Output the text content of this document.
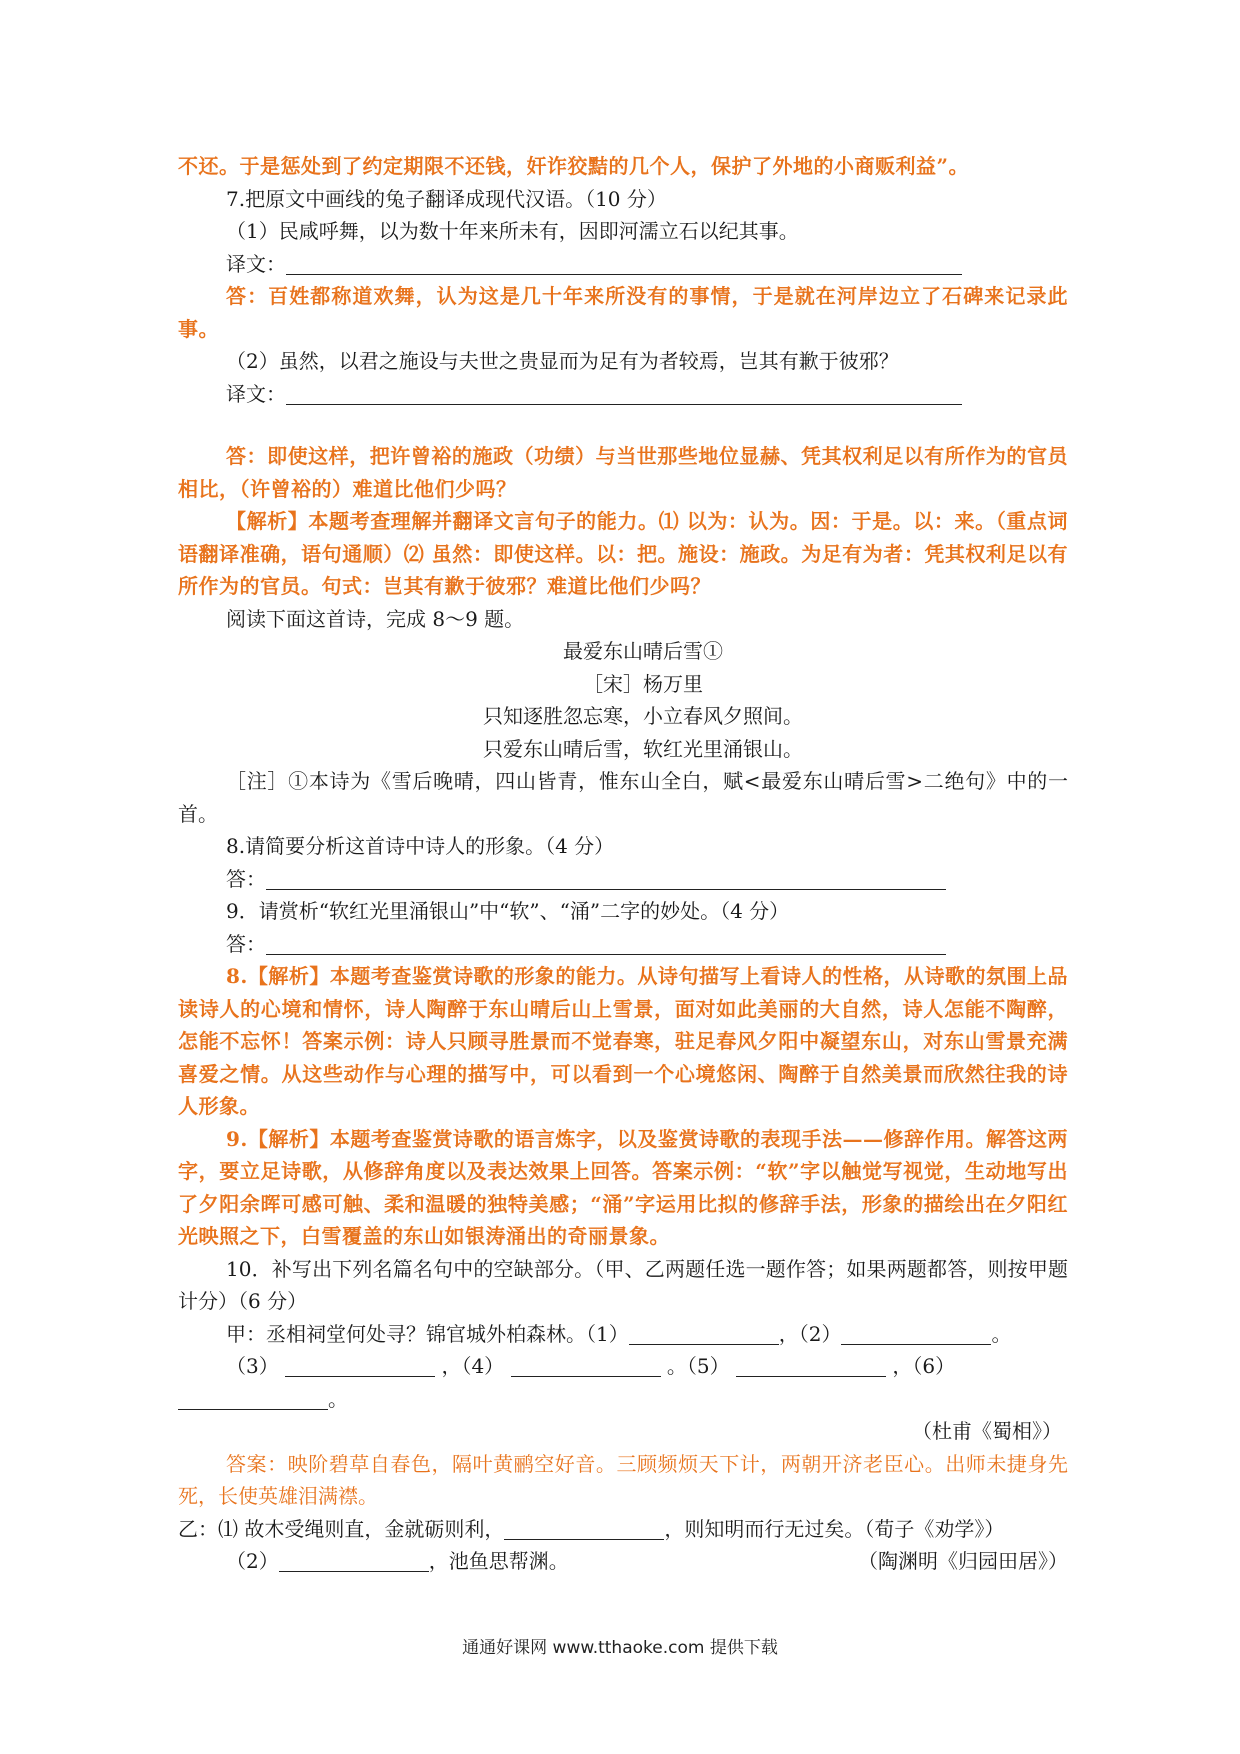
不还。于是惩处到了约定期限不还钱，奸诈狡黠的几个人，保护了外地的小商贩利益”。

7.把原文中画线的兔子翻译成现代汉语。（10 分）

（1）民咸呼舞，以为数十年来所未有，因即河濡立石以纪其事。

译文：

答：百姓都称道欢舞，认为这是几十年来所没有的事情，于是就在河岸边立了石碑来记录此事。

（2）虽然，以君之施设与夫世之贵显而为足有为者较焉，岂其有歉于彼邪？

译文：

答：即使这样，把许曾裕的施政（功绩）与当世那些地位显赫、凭其权利足以有所作为的官员相比，（许曾裕的）难道比他们少吗？

【解析】本题考查理解并翻译文言句子的能力。⑴ 以为：认为。因：于是。以：来。（重点词语翻译准确，语句通顺）⑵ 虽然：即使这样。以：把。施设：施政。为足有为者：凭其权利足以有所作为的官员。句式：岂其有歉于彼邪？难道比他们少吗？

阅读下面这首诗，完成 8～9 题。

最爱东山晴后雪①

［宋］杨万里

只知逐胜忽忘寒，小立春风夕照间。

只爱东山晴后雪，软红光里涌银山。

［注］①本诗为《雪后晚晴，四山皆青，惟东山全白，赋<最爱东山晴后雪>二绝句》中的一 首。

8.请简要分析这首诗中诗人的形象。（4 分）

答：

9．请赏析“软红光里涌银山”中“软”、“涌”二字的妙处。（4 分）

答：

8.【解析】本题考查鉴赏诗歌的形象的能力。从诗句描写上看诗人的性格，从诗歌的氛围上品读诗人的心境和情怀，诗人陶醉于东山晴后山上雪景，面对如此美丽的大自然，诗人怎能不陶醉，怎能不忘怀！答案示例：诗人只顾寻胜景而不觉春寒，驻足春风夕阳中凝望东山，对东山雪景充满喜爱之情。从这些动作与心理的描写中，可以看到一个心境悠闲、陶醉于自然美景而欣然往我的诗人形象。

9.【解析】本题考查鉴赏诗歌的语言炼字，以及鉴赏诗歌的表现手法——修辞作用。解答这两字，要立足诗歌，从修辞角度以及表达效果上回答。答案示例：“软”字以触觉写视觉，生动地写出了夕阳余晖可感可触、柔和温暖的独特美感；“涌”字运用比拟的修辞手法，形象的描绘出在夕阳红光映照之下，白雪覆盖的东山如银涛涌出的奇丽景象。

10．补写出下列名篇名句中的空缺部分。（甲、乙两题任选一题作答；如果两题都答，则按甲题计分）（6 分）

甲：丞相祠堂何处寻？锦官城外柏森林。（1）	，（2）	。

（3）	，（4）	。（5）	，（6）

。

（杜甫《蜀相》）

答案：映阶碧草自春色，隔叶黄鹂空好音。三顾频烦天下计，两朝开济老臣心。出师未捷身先死，长使英雄泪满襟。

乙：⑴ 故木受绳则直，金就砺则利，	，则知明而行无过矣。（荀子《劝学》）

（2）	，池鱼思帮渊。	（陶渊明《归园田居》）

通通好课网 www.tthaoke.com 提供下载
